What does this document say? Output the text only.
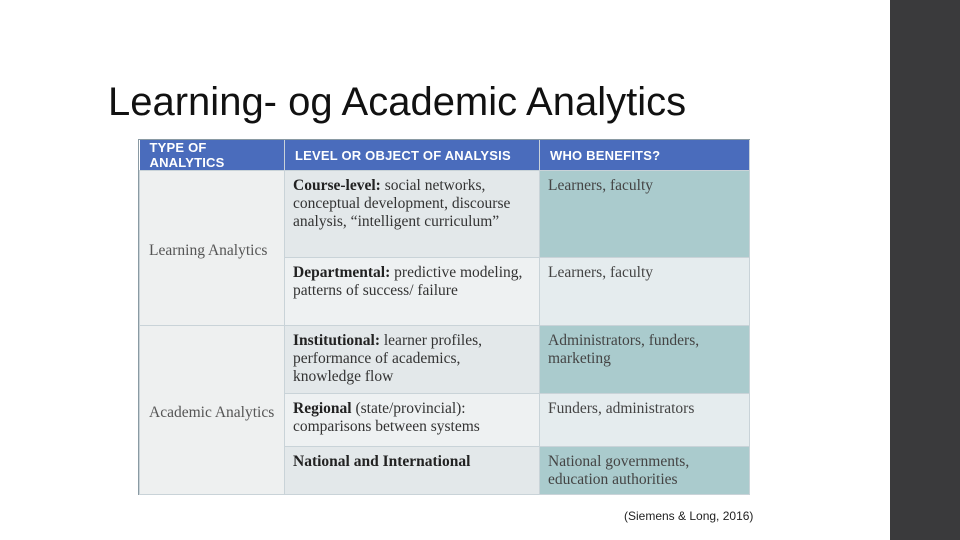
Learning- og Academic Analytics
TYPE OF ANALYTICS	LEVEL OR OBJECT OF ANALYSIS	WHO BENEFITS?
Learning Analytics	Course-level: social networks, conceptual development, discourse analysis, “intelligent curriculum”	Learners, faculty
	Departmental: predictive modeling, patterns of success/ failure	Learners, faculty
Academic Analytics	Institutional: learner profiles, performance of academics, knowledge flow	Administrators, funders, marketing
	Regional (state/provincial): comparisons between systems	Funders, administrators
	National and International	National governments, education authorities
(Siemens & Long, 2016)
